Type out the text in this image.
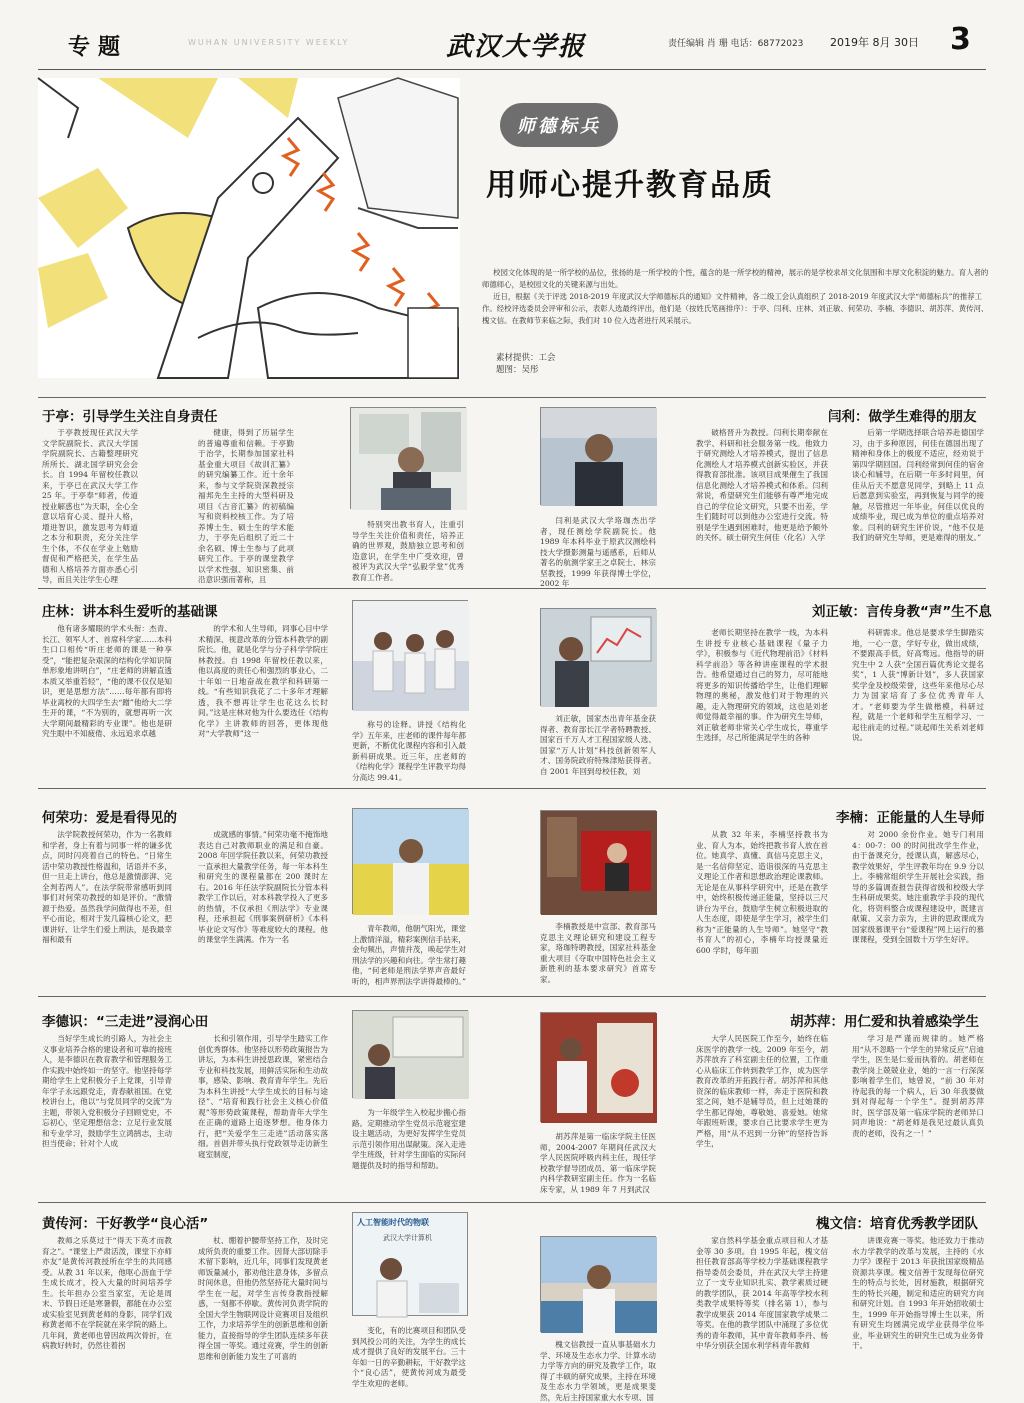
专题	WUHAN UNIVERSITY WEEKLY	武汉大学报	责任编辑 肖 珊 电话：68772023 2019年 8月 30日 3
师德标兵
用师心提升教育品质

校园文化体现的是一所学校的品位，张扬的是一所学校的个性，蕴含的是一所学校的精神，展示的是学校求昂文化氛围和丰厚文化积淀的魅力。育人者的师德师心，是校园文化的关键来源与出处。

近日，根据《关于评选 2018-2019 年度武汉大学师德标兵的通知》文件精神，各二级工会认真组织了 2018-2019 年度武汉大学“师德标兵”的推荐工作。经校评选委员会评审和公示，表彰人选最终评出，他们是（按姓氏笔画排序）：于亭、闫利、庄林、刘正敏、何荣功、李楠、李德识、胡苏萍、黄传河、槐文信。在教师节来临之际，我们对 10 位入选者进行风采展示。

素材提供：工会
题图：吴彤
于亭：引导学生关注自身责任

于亭教授现任武汉大学文学院副院长、武汉大学国学院副院长、古籍整理研究所所长、湖北国学研究会会长。自 1994 年留校任教以来，于亭已在武汉大学工作 25 年。于亭奉“师者，传道授业解惑也”为天职，全心全意以培育心灵、提升人格，增进智识，激发思考为师道之本分和职责，充分关注学生个体，不仅在学业上勉励督促和严格把关，在学生品德和人格培养方面亦悉心引导，而且关注学生心理

健康，得到了历届学生的普遍尊重和信赖。于亭勤于治学，长期参加国家社科基金重大项目《故训汇纂》的研究编纂工作。近十余年来，参与文学院资深教授宗福邦先生主持的大型科研及项目《古音汇纂》的初稿编写和资料校核工作。为了培养博士生、硕士生的学术能力，于亭先后组织了近二十余名硕、博士生参与了此项研究工作。于亭的课堂教学以学术性强、知识密集、前沿意识强而著称，且

特别突出教书育人，注重引导学生关注价值和责任，培养正确的世界观，鼓励独立思考和创造意识，在学生中广受欢迎，曾被评为武汉大学“弘毅学堂”优秀教育工作者。

闫利：做学生难得的朋友

闫利是武汉大学珞珈杰出学者，现任测绘学院副院长。他 1989 年本科毕业于原武汉测绘科技大学摄影测量与遥感系，后师从著名的航测学家王之卓院士、林宗坚教授，1999 年获得博士学位，2002 年

破格晋升为教授。闫利长期奉献在教学、科研和社会服务第一线。他致力于研究测绘人才培养模式，提出了信息化测绘人才培养模式创新实验区，并获得教育部批准。该项目成果催生了我国信息化测绘人才培养模式和体系。闫利常说，希望研究生们能够有尊严地完成自己的学位论文研究，只要不出差，学生们随时可以到他办公室进行交流。特别是学生遇到困难时，他更是给予额外的关怀。硕士研究生何佳（化名）入学

后第一学期选择联合培养赴德国学习，由于多种原因，何佳在德国出现了精神和身体上的极度不适应，经劝说于第四学期回国。闫利经常到何佳的宿舍谈心和辅导，在后期一年多时间里，何佳从后天不愿意见同学，到略上 11 点后愿意到实验室，再到恢复与同学的接触，尽管推迟一年毕业，何佳以优良的成绩毕业，现已成为单位的重点培养对象。闫利的研究生评价说，“他不仅是我们的研究生导师，更是难得的朋友。”

庄林：讲本科生爱听的基础课

他有诸多耀眼的学术头衔：杰青、长江、领军人才、首席科学家……本科生口口相传“听庄老师的课是一种享受”，“能把复杂艰深的结构化学知识简单形象地讲明白”，“庄老师的讲解直透本质又举重若轻”，“他的课不仅仅是知识，更是思想方法”……每年都有即将毕业离校的大四学生去“蹭”他给大二学生开的课，“不为别的，就想再听一次大学期间最精彩的专业课”。他也是研究生眼中不知疲倦、永远追求卓越

的学术和人生导师，同事心目中学术精深、视意改革的分管本科教学的副院长。他，就是化学与分子科学学院庄林教授。自 1998 年留校任教以来，他以高度的责任心和强烈的事业心，二十年如一日地奋战在教学和科研第一线。“有些知识我花了二十多年才理解透，我不想再让学生也花这么长时间。”这是庄林对他为什么要选任《结构化学》主讲教师的回答，更体现他对“大学教师”这一

称号的诠释。讲授《结构化学》五年来，庄老师的课件每年都更新，不断优化课程内容和引入最新科研成果。近三年，庄老师的《结构化学》课程学生评教平均得分高达 99.41。

刘正敏：言传身教“声”生不息

刘正敏，国家杰出青年基金获得者、教育部长江学者特聘教授、国家百千万人才工程国家级人选、国家“万人计划”科技创新领军人才、国务院政府特殊津贴获得者。自 2001 年回到母校任教，刘

老师长期坚持在教学一线，为本科生讲授专业核心基础课程《量子力学》，积极参与《近代物理前沿》《材料科学前沿》等各种讲座课程的学术报告。他希望通过自己的努力，尽可能地将更多的知识传播给学生，让他们理解物理的奥秘，激发他们对于物理的兴趣，走入物理研究的领域，这也是刘老师觉得最幸福的事。作为研究生导师，刘正敏老师非常关心学生成长，尊重学生选择，尽己所能满足学生的各种

科研需求。他总是要求学生脚踏实地，一心一意，学好专业，做出成绩，不要跟高手低，好高骛远。他指导的研究生中 2 人获“全国百篇优秀论文提名奖”，1 人获“博新计划”，多人获国家奖学金及校级荣誉，这些年来他尽心尽力为国家培育了多位优秀青年人才。“老师要为学生做楷模，科研过程，就是一个老师和学生互相学习、一起往前走的过程。”谈起师生关系刘老师说。

何荣功：爱是看得见的

法学院教授何荣功，作为一名教师和学者，身上有着与同事一样的谦多优点，同时闪亮着自己的特色。“日常生活中荣功教授性格温和，话语并不多，但一旦走上讲台，他总是激情澎湃、完全判若两人”。在法学院带常感听到同事们对何荣功教授的如是评价。“激情源于热爱。虽然我学问做得也不差，但平心而论，相对于发几篇核心论文，把课讲好、让学生们爱上刑法，是我最幸福和最有

成就感的事情。”何荣功毫不掩饰地表达自己对教师职业的满足和自豪。2008 年回学院任教以来，何荣功教授一直承担大量教学任务，每一年本科生和研究生的课程量都在 200 课时左右。2016 年任法学院副院长分管本科教学工作以后，对本科教学投入了更多的热情，不仅承担《刑法学》专业课程，还承担起《刑事案例研析》《本科毕业论文写作》等难度较大的课程。他的课堂学生满满。作为一名

青年教师，他朝气阳光，课堂上激情洋溢，精彩案例信手拈来，金句频出，声情并茂，唤起学生对刑法学的兴趣和向往。学生常打趣他，“何老师是刑法学界声音最好听的，相声界刑法学讲得最棒的。”

李楠：正能量的人生导师

李楠教授是中宣部、教育部马克思主义理论研究和建设工程专家，珞珈特聘教授，国家社科基金重大项目《夺取中国特色社会主义新胜利的基本要求研究》首席专家。

从教 32 年来，李楠坚持教书为业、育人为本，始终把教书育人放在首位。她真学、真懂、真信马克思主义，是一名信仰坚定、造诣很深的马克思主义理论工作者和思想政治理论课教师。无论是在从事科学研究中，还是在教学中，始终积极传递正能量，坚持以三尺讲台为平台，鼓励学生树立积极进取的人生态度，即使是学生学习，被学生们称为“正能量的人生导师”。她坚守“教书育人”的初心，李楠年均授课量近 600 学时，每年面

对 2000 余份作业。她专门利用 4：00-7：00 的时间批改学生作业，由于备课充分，授课认真，解惑尽心，教学效果好，学生评教年均在 9.9 分以上。李楠常组织学生开展社会实践，指导的多篇调查报告获得省级和校级大学生科研成果奖。她注重教学手段的现代化，将资料整合成课程建设中，既建言献策、又亲力亲为，主讲的思政课成为国家级慕课平台“爱课程”网上运行的慕课课程，受到全国数十万学生好评。

李德识：“三走进”浸润心田

当好学生成长的引路人，为社会主义事业培养合格的建设者和可靠的接班人，是李德识在教育教学和管理服务工作实践中始终如一的坚守。他坚持每学期给学生上党积极分子上党课，引导青年学子永远跟党走，青春献祖国。在党校讲台上，他以“与党员同学的交流”为主题，带领入党积极分子回顾党史，不忘初心，坚定理想信念；立足行业发展和专业学习，鼓励学生立鸿鹄志，主动担当使命；针对个人成

长和引领作用，引导学生踏实工作创优秀群体。他坚持以形势政策报告为讲坛，为本科生讲授思政课，紧密结合专业和科技发展，用鲜活实际和生动故事，感染、影响、教育青年学生。先后为本科生讲授“大学生成长的目标与途径”、“培育和践行社会主义核心价值观”等形势政策课程，帮助青年大学生在正确的道路上追逐梦想。他身体力行，把“关爱学生三走进”活动落实落细。首倡并带头执行党政领导走访新生寝室制度，

为一年级学生入校起步搬心指路。定期推动学生党员示范寝室建设主题活动，为更好发挥学生党员示范引领作用出谋献策。深入走进学生班级，针对学生面临的实际问题提供及时的指导和帮助。

胡苏萍：用仁爱和执着感染学生

胡苏萍是第一临床学院主任医师，2004-2007 年期间任武汉大学人民医院呼吸内科主任，现任学校教学督导团成员、第一临床学院内科学教研室副主任。作为一名临床专家，从 1989 年 7 月到武汉

大学人民医院工作至今，始终在临床医学的教学一线。2009 年至今，胡苏萍放弃了科室副主任的位置，工作重心从临床工作转到教学工作，成为医学教育改革的开拓践行者。胡苏萍和其他资深的临床教师一样，奔走于医院和教室之间，她不是辅导员，但上过她课的学生都记得她，尊敬她、喜爱她。她常年跟班听课，要求自己比要求学生更为严格，用“从不迟到一分钟”的坚持告诉学生，

学习是严谨而规律的。她严格用“从不忽略一个学生的异常反应”启迪学生，医生是仁爱而执着的。胡老师在教学岗上兢兢业业，她的一言一行深深影响着学生们，她曾说，“前 30 年对待起我的每一个病人，后 30 年我要做到对得起每一个学生”。提到胡苏萍时，医学部及第一临床学院的老师异口同声地说：“胡老师是我见过最认真负责的老师，没有之一！”

黄传河：干好教学“良心活”

教师之乐莫过于“得天下英才而教育之”。“课堂上严肃活泼，课堂下亦师亦友”是黄传河教授所在学生的共同感受。从教 31 年以来，他呕心沥血于学生成长成才，投入大量的时间培养学生。长年担办公室当家室，无论是周末、节假日还是寒暑假，都能在办公室或实验室见到黄老师的身影，同学们戏称黄老师不在学院就在来学院的路上。几年间，黄老师也曾因故两次骨折，在病教好转时，仍然往着拐

杖、绷着护腰带坚持工作，及时完成所负责的重要工作。因肾大部切除手术留下影响，近几年，同事们发现黄老师饭量减小，都劝他注意身体，多留点时间休息，但他仍然坚持花大量时间与学生在一起，对学生言传身教指授解惑，一刻都不停歇。黄传河负责学院的全国大学生物联网设计竞赛项目及组织工作，力求培养学生的创新思维和创新能力，直接指导的学生团队连续多年获得全国一等奖。通过竞赛，学生的创新思维和创新能力发生了可喜的

人工智能时代的物联
武汉大学计算机

变化，有的比赛项目和团队受到风投公司的关注，为学生的成长成才提供了良好的发展平台。三十年如一日的辛勤耕耘，干好教学这个“良心活”，使黄传河成为最受学生欢迎的老师。

槐文信：培育优秀教学团队

槐文信教授一直从事基础水力学、环境及生态水力学、计算水动力学等方向的研究及教学工作，取得了丰硕的研究成果，主持在环境及生态水力学领域，更是成果斐然，先后主持国家重大水专项、国

家自然科学基金重点项目和人才基金等 30 多项。自 1995 年起，槐文信担任教育部高等学校力学基础课程教学指导委员会委员，并在武汉大学主持建立了一支专业知识扎实、教学素质过硬的教学团队，获 2014 年高等学校水利类教学成果特等奖（排名第 1），参与教学成果获 2014 年度国家教学成果二等奖。在他的教学团队中涌现了多位优秀的青年教师，其中青年教师李丹、杨中华分别获全国水利学科青年教师

讲课竞赛一等奖。他还致力于推动水力学教学的改革与发展，主持的《水力学》课程于 2013 年获批国家级精品资源共享课。槐文信善于发现每位研究生的特点与长处，因材施教，根据研究生的特长兴趣，制定和适应的研究方向和研究计划。自 1993 年开始招收硕士生，1999 年开始指导博士生以来，所有研究生均圆满完成学业获得学位毕业，毕业研究生的研究生已成为业务骨干。
